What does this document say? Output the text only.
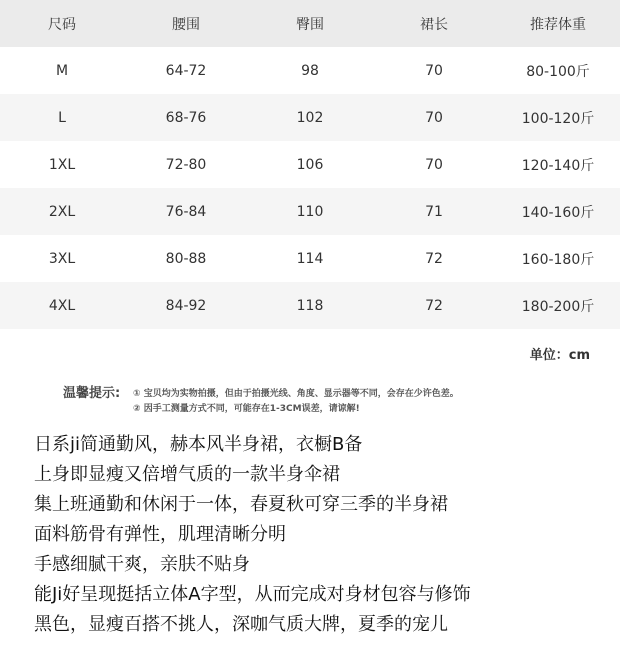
尺码	腰围	臀围	裙长	推荐体重
M	64-72	98	70	80-100斤
L	68-76	102	70	100-120斤
1XL	72-80	106	70	120-140斤
2XL	76-84	110	71	140-160斤
3XL	80-88	114	72	160-180斤
4XL	84-92	118	72	180-200斤
单位：cm
温馨提示: ① 宝贝均为实物拍摄，但由于拍摄光线、角度、显示器等不同，会存在少许色差。
② 因手工测量方式不同，可能存在1-3CM误差，请谅解!
日系ji简通勤风，赫本风半身裙，衣橱B备
上身即显瘦又倍增气质的一款半身伞裙
集上班通勤和休闲于一体，春夏秋可穿三季的半身裙
面料筋骨有弹性，肌理清晰分明
手感细腻干爽，亲肤不贴身
能Ji好呈现挺括立体A字型，从而完成对身材包容与修饰
黑色，显瘦百搭不挑人，深咖气质大牌，夏季的宠儿
